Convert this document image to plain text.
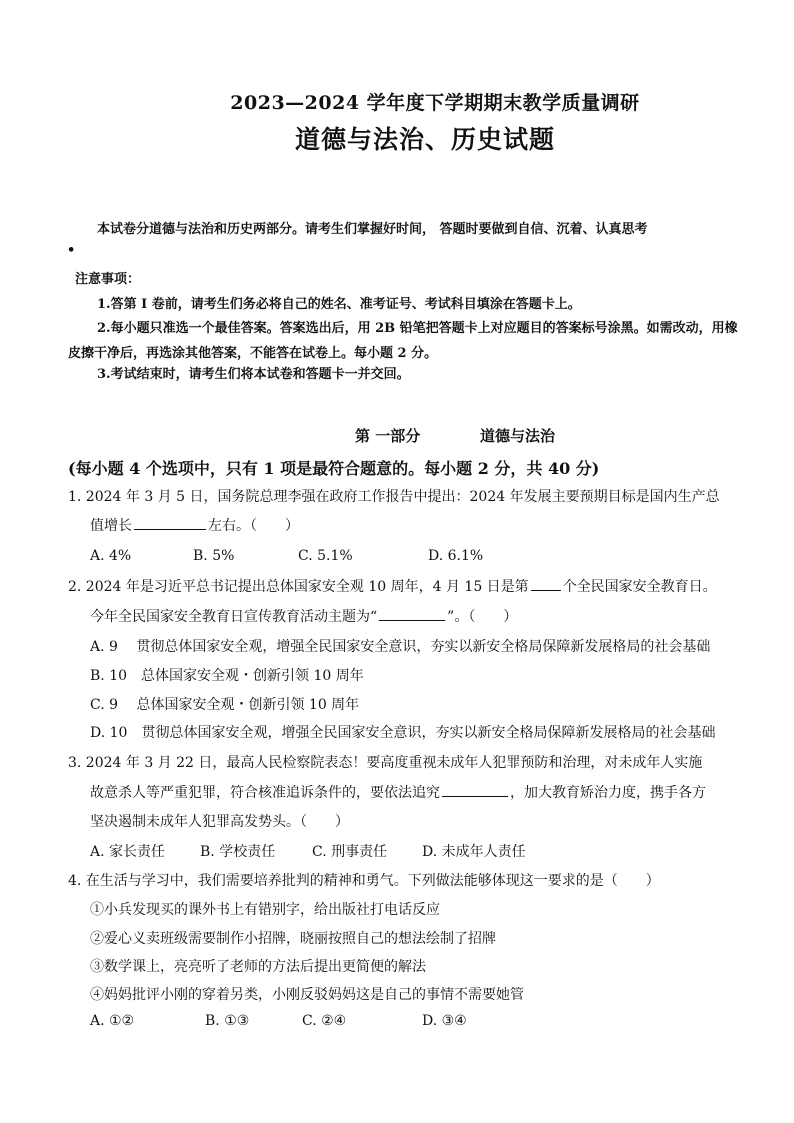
2023—2024 学年度下学期期末教学质量调研
道德与法治、历史试题
本试卷分道德与法治和历史两部分。请考生们掌握好时间， 答题时要做到自信、沉着、认真思考
•
注意事项：
1.答第 I 卷前，请考生们务必将自己的姓名、准考证号、考试科目填涂在答题卡上。
2.每小题只准选一个最佳答案。答案选出后，用 2B 铅笔把答题卡上对应题目的答案标号涂黑。如需改动，用橡
皮擦干净后，再选涂其他答案，不能答在试卷上。每小题 2 分。
3.考试结束时，请考生们将本试卷和答题卡一并交回。
第 一部分	道德与法治
(每小题 4 个选项中，只有 1 项是最符合题意的。每小题 2 分，共 40 分)
1. 2024 年 3 月 5 日，国务院总理李强在政府工作报告中提出：2024 年发展主要预期目标是国内生产总
值增长	左右。（　　）
A. 4%	B. 5%	C. 5.1%	D. 6.1%
2. 2024 年是习近平总书记提出总体国家安全观 10 周年，4 月 15 日是第 个全民国家安全教育日。
今年全民国家安全教育日宣传教育活动主题为“	”。（　　）
A. 9　 贯彻总体国家安全观，增强全民国家安全意识，夯实以新安全格局保障新发展格局的社会基础
B. 10　总体国家安全观・创新引领 10 周年
C. 9　 总体国家安全观・创新引领 10 周年
D. 10　贯彻总体国家安全观，增强全民国家安全意识，夯实以新安全格局保障新发展格局的社会基础
3. 2024 年 3 月 22 日，最高人民检察院表态！要高度重视未成年人犯罪预防和治理，对未成年人实施
故意杀人等严重犯罪，符合核准追诉条件的，要依法追究	，加大教育矫治力度，携手各方
坚决遏制未成年人犯罪高发势头。（　　）
A. 家长责任 B. 学校责任	C. 刑事责任 D. 未成年人责任
4. 在生活与学习中，我们需要培养批判的精神和勇气。下列做法能够体现这一要求的是（　　）
①小兵发现买的课外书上有错别字，给出版社打电话反应
②爱心义卖班级需要制作小招牌，晓丽按照自己的想法绘制了招牌
③数学课上，亮亮听了老师的方法后提出更简便的解法
④妈妈批评小刚的穿着另类，小刚反驳妈妈这是自己的事情不需要她管
A. ①②	B. ①③	C. ②④	D. ③④
